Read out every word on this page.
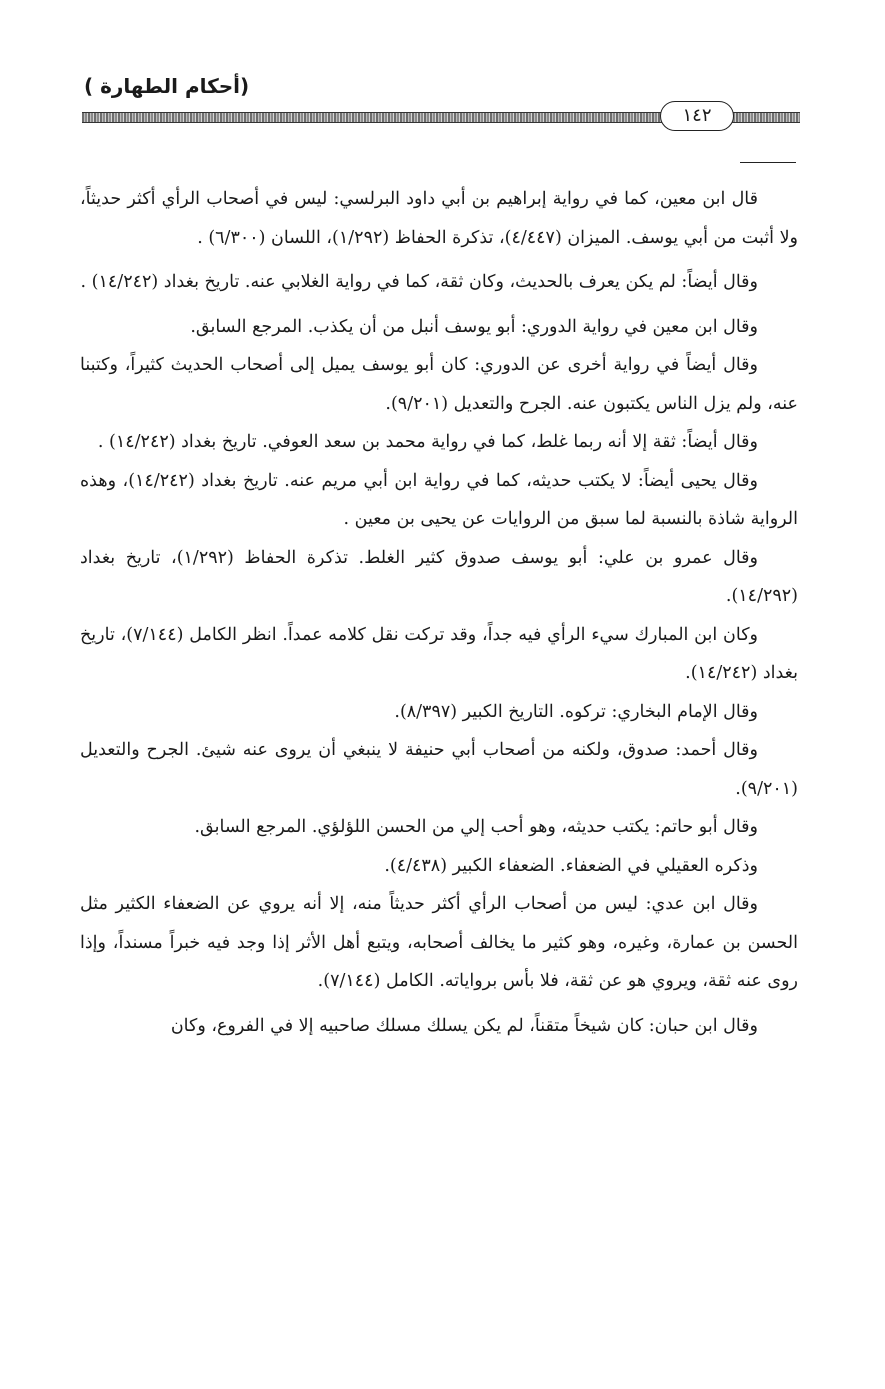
(أحكام الطهارة )
١٤٢

قال ابن معين، كما في رواية إبراهيم بن أبي داود البرلسي: ليس في أصحاب الرأي أكثر حديثاً، ولا أثبت من أبي يوسف. الميزان (٤/٤٤٧)، تذكرة الحفاظ (١/٢٩٢)، اللسان (٦/٣٠٠) .

وقال أيضاً: لم يكن يعرف بالحديث، وكان ثقة، كما في رواية الغلابي عنه. تاريخ بغداد (١٤/٢٤٢) .

وقال ابن معين في رواية الدوري: أبو يوسف أنبل من أن يكذب. المرجع السابق.

وقال أيضاً في رواية أخرى عن الدوري: كان أبو يوسف يميل إلى أصحاب الحديث كثيراً، وكتبنا عنه، ولم يزل الناس يكتبون عنه. الجرح والتعديل (٩/٢٠١).

وقال أيضاً: ثقة إلا أنه ربما غلط، كما في رواية محمد بن سعد العوفي. تاريخ بغداد (١٤/٢٤٢) .

وقال يحيى أيضاً: لا يكتب حديثه، كما في رواية ابن أبي مريم عنه. تاريخ بغداد (١٤/٢٤٢)، وهذه الرواية شاذة بالنسبة لما سبق من الروايات عن يحيى بن معين .

وقال عمرو بن علي: أبو يوسف صدوق كثير الغلط. تذكرة الحفاظ (١/٢٩٢)، تاريخ بغداد (١٤/٢٩٢).

وكان ابن المبارك سيء الرأي فيه جداً، وقد تركت نقل كلامه عمداً. انظر الكامل (٧/١٤٤)، تاريخ بغداد (١٤/٢٤٢).

وقال الإمام البخاري: تركوه. التاريخ الكبير (٨/٣٩٧).

وقال أحمد: صدوق، ولكنه من أصحاب أبي حنيفة لا ينبغي أن يروى عنه شيئ. الجرح والتعديل (٩/٢٠١).

وقال أبو حاتم: يكتب حديثه، وهو أحب إلي من الحسن اللؤلؤي. المرجع السابق.

وذكره العقيلي في الضعفاء. الضعفاء الكبير (٤/٤٣٨).

وقال ابن عدي: ليس من أصحاب الرأي أكثر حديثاً منه، إلا أنه يروي عن الضعفاء الكثير مثل الحسن بن عمارة، وغيره، وهو كثير ما يخالف أصحابه، ويتبع أهل الأثر إذا وجد فيه خبراً مسنداً، وإذا روى عنه ثقة، ويروي هو عن ثقة، فلا بأس برواياته. الكامل (٧/١٤٤).

وقال ابن حبان: كان شيخاً متقناً، لم يكن يسلك مسلك صاحبيه إلا في الفروع، وكان
